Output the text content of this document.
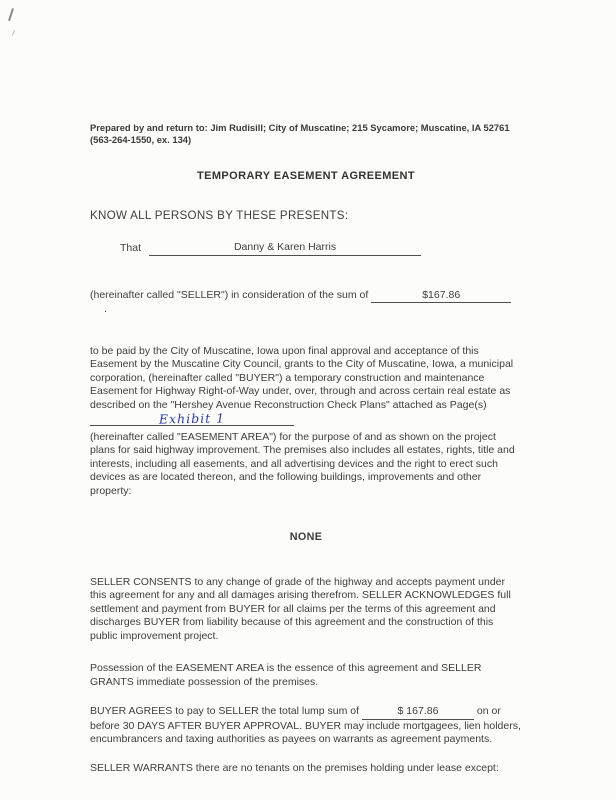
Prepared by and return to: Jim Rudisill; City of Muscatine; 215 Sycamore; Muscatine, IA 52761 (563-264-1550, ex. 134)

TEMPORARY EASEMENT AGREEMENT

KNOW ALL PERSONS BY THESE PRESENTS:

That	Danny & Karen Harris

(hereinafter called "SELLER") in consideration of the sum of	$167.86.

to be paid by the City of Muscatine, Iowa upon final approval and acceptance of this Easement by the Muscatine City Council, grants to the City of Muscatine, Iowa, a municipal corporation, (hereinafter called "BUYER") a temporary construction and maintenance Easement for Highway Right-of-Way under, over, through and across certain real estate as described on the "Hershey Avenue Reconstruction Check Plans" attached as Page(s)
Exhibit 1

(hereinafter called "EASEMENT AREA") for the purpose of and as shown on the project plans for said highway improvement. The premises also includes all estates, rights, title and interests, including all easements, and all advertising devices and the right to erect such devices as are located thereon, and the following buildings, improvements and other property:

NONE

SELLER CONSENTS to any change of grade of the highway and accepts payment under this agreement for any and all damages arising therefrom. SELLER ACKNOWLEDGES full settlement and payment from BUYER for all claims per the terms of this agreement and discharges BUYER from liability because of this agreement and the construction of this public improvement project.

Possession of the EASEMENT AREA is the essence of this agreement and SELLER GRANTS immediate possession of the premises.

BUYER AGREES to pay to SELLER the total lump sum of	$ 167.86	on or before 30 DAYS AFTER BUYER APPROVAL. BUYER may include mortgagees, lien holders, encumbrancers and taxing authorities as payees on warrants as agreement payments.

SELLER WARRANTS there are no tenants on the premises holding under lease except:
